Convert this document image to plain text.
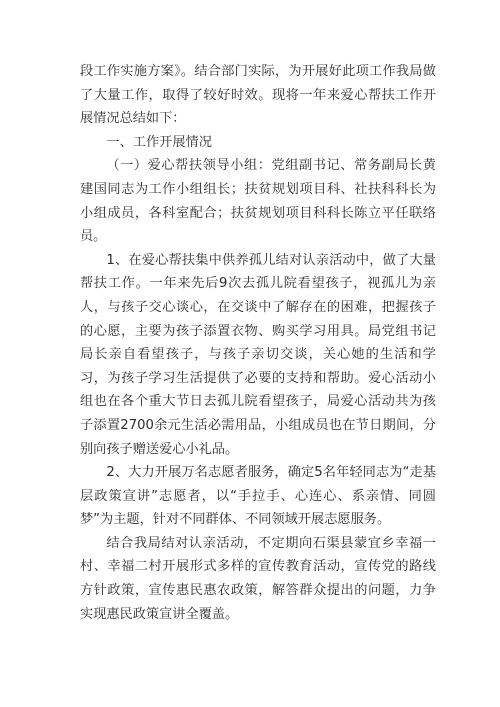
段工作实施方案》。结合部门实际，为开展好此项工作我局做了大量工作，取得了较好时效。现将一年来爱心帮扶工作开展情况总结如下：

一、工作开展情况

（一）爱心帮扶领导小组：党组副书记、常务副局长黄建国同志为工作小组组长；扶贫规划项目科、社扶科科长为小组成员，各科室配合；扶贫规划项目科科长陈立平任联络员。

1、在爱心帮扶集中供养孤儿结对认亲活动中，做了大量帮扶工作。一年来先后9次去孤儿院看望孩子，视孤儿为亲人，与孩子交心谈心，在交谈中了解存在的困难，把握孩子的心愿，主要为孩子添置衣物、购买学习用具。局党组书记局长亲自看望孩子，与孩子亲切交谈，关心她的生活和学习，为孩子学习生活提供了必要的支持和帮助。爱心活动小组也在各个重大节日去孤儿院看望孩子，局爱心活动共为孩子添置2700余元生活必需用品，小组成员也在节日期间，分别向孩子赠送爱心小礼品。

2、大力开展万名志愿者服务，确定5名年轻同志为“走基层政策宣讲”志愿者，以“手拉手、心连心、系亲情、同圆梦”为主题，针对不同群体、不同领域开展志愿服务。

结合我局结对认亲活动，不定期向石渠县蒙宜乡幸福一村、幸福二村开展形式多样的宣传教育活动，宣传党的路线方针政策，宣传惠民惠农政策，解答群众提出的问题，力争实现惠民政策宣讲全覆盖。
